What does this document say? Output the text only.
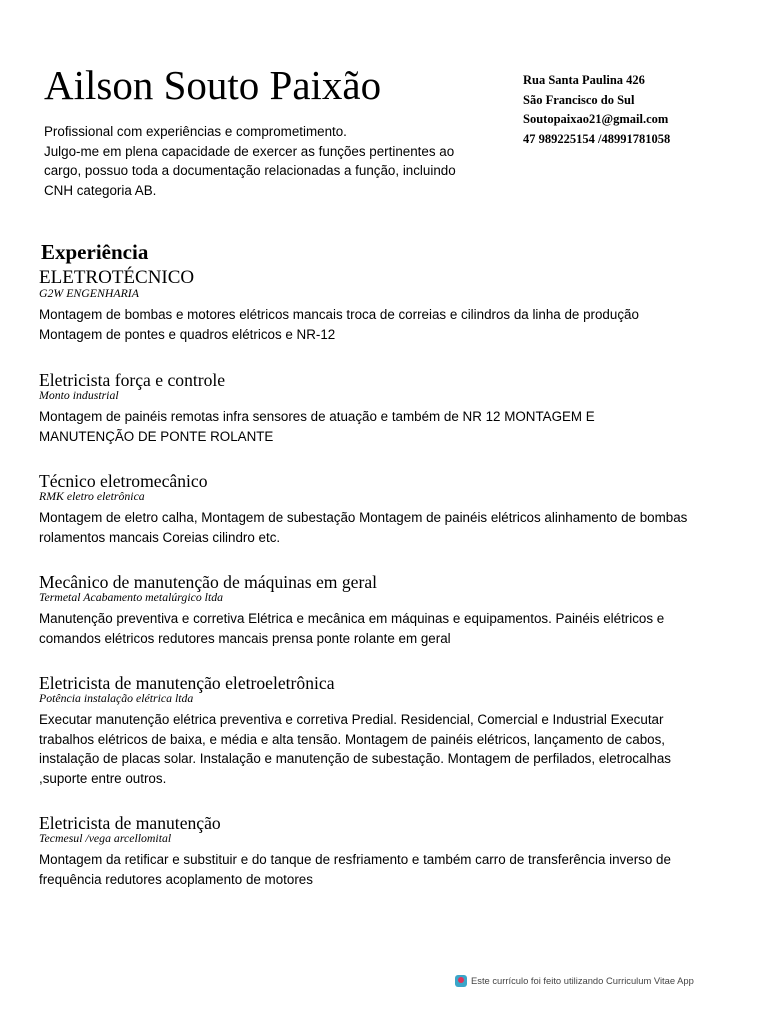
Ailson Souto Paixão	Rua Santa Paulina 426
São Francisco do Sul
Soutopaixao21@gmail.com
47 989225154 /48991781058
Profissional com experiências e comprometimento.
Julgo-me em plena capacidade de exercer as funções pertinentes ao
cargo, possuo toda a documentação relacionadas a função, incluindo
CNH categoria AB.
Experiência
ELETROTÉCNICO
G2W ENGENHARIA
Montagem de bombas e motores elétricos mancais troca de correias e cilindros da linha de produção
Montagem de pontes e quadros elétricos e NR-12
Eletricista força e controle
Monto industrial
Montagem de painéis remotas infra sensores de atuação e também de NR 12 MONTAGEM E
MANUTENÇÃO DE PONTE ROLANTE
Técnico eletromecânico
RMK eletro eletrônica
Montagem de eletro calha, Montagem de subestação Montagem de painéis elétricos alinhamento de bombas
rolamentos mancais Coreias cilindro etc.
Mecânico de manutenção de máquinas em geral
Termetal Acabamento metalúrgico ltda
Manutenção preventiva e corretiva Elétrica e mecânica em máquinas e equipamentos. Painéis elétricos e
comandos elétricos redutores mancais prensa ponte rolante em geral
Eletricista de manutenção eletroeletrônica
Potência instalação elétrica ltda
Executar manutenção elétrica preventiva e corretiva Predial. Residencial, Comercial e Industrial Executar
trabalhos elétricos de baixa, e média e alta tensão. Montagem de painéis elétricos, lançamento de cabos,
instalação de placas solar. Instalação e manutenção de subestação. Montagem de perfilados, eletrocalhas
,suporte entre outros.
Eletricista de manutenção
Tecmesul /vega arcellomital
Montagem da retificar e substituir e do tanque de resfriamento e também carro de transferência inverso de
frequência redutores acoplamento de motores
Este currículo foi feito utilizando Curriculum Vitae App
